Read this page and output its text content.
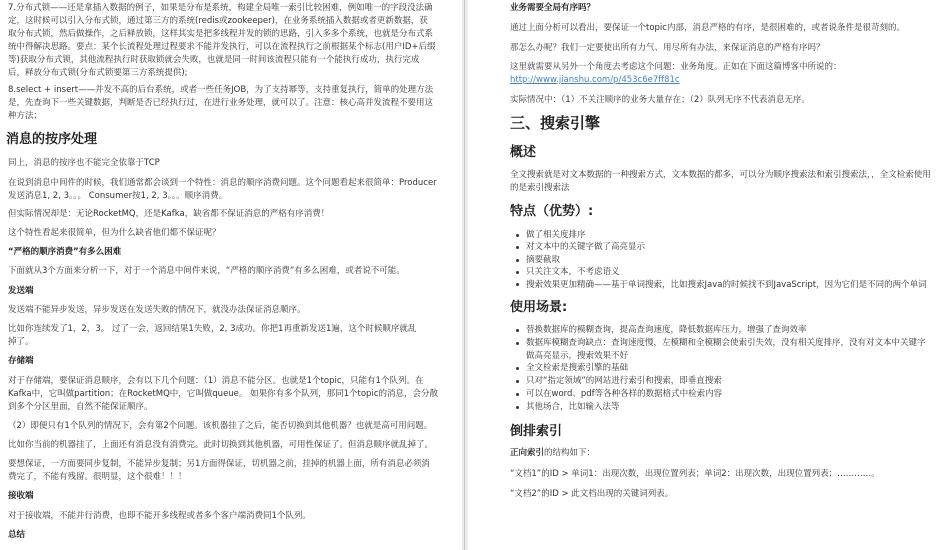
7.分布式锁——还是拿插入数据的例子，如果是分布是系统，构建全局唯一索引比较困难，例如唯一的字段没法确
定，这时候可以引入分布式锁，通过第三方的系统(redis或zookeeper)，在业务系统插入数据或者更新数据，获
取分布式锁，然后做操作，之后释放锁，这样其实是把多线程并发的锁的思路，引入多多个系统，也就是分布式系
统中得解决思路。要点：某个长流程处理过程要求不能并发执行，可以在流程执行之前根据某个标志(用户ID+后缀
等)获取分布式锁，其他流程执行时获取锁就会失败，也就是同一时间该流程只能有一个能执行成功，执行完成
后，释放分布式锁(分布式锁要第三方系统提供);
8.select + insert——并发不高的后台系统，或者一些任务JOB，为了支持幂等，支持重复执行，简单的处理方法
是，先查询下一些关键数据，判断是否已经执行过，在进行业务处理，就可以了。注意：核心高并发流程不要用这
种方法；
消息的按序处理
同上，消息的按序也不能完全依靠于TCP
在说到消息中间件的时候，我们通常都会谈到一个特性：消息的顺序消费问题。这个问题看起来很简单：Producer
发送消息1, 2, 3。。。 Consumer按1, 2, 3。。。顺序消费。
但实际情况却是：无论RocketMQ，还是Kafka，缺省都不保证消息的严格有序消费！
这个特性看起来很简单，但为什么缺省他们都不保证呢？
“严格的顺序消费”有多么困难
下面就从3个方面来分析一下，对于一个消息中间件来说，“严格的顺序消费”有多么困难，或者说不可能。
发送端
发送端不能异步发送，异步发送在发送失败的情况下，就没办法保证消息顺序。
比如你连续发了1，2，3。 过了一会，返回结果1失败，2, 3成功。你把1再重新发送1遍，这个时候顺序就乱
掉了。
存储端
对于存储端，要保证消息顺序，会有以下几个问题：（1）消息不能分区。也就是1个topic，只能有1个队列。在
Kafka中，它叫做partition；在RocketMQ中，它叫做queue。 如果你有多个队列，那同1个topic的消息，会分散
到多个分区里面，自然不能保证顺序。
（2）即便只有1个队列的情况下，会有第2个问题。该机器挂了之后，能否切换到其他机器？也就是高可用问题。
比如你当前的机器挂了，上面还有消息没有消费完。此时切换到其他机器，可用性保证了。但消息顺序就乱掉了。
要想保证，一方面要同步复制，不能异步复制；另1方面得保证，切机器之前，挂掉的机器上面，所有消息必须消
费完了，不能有残留。很明显，这个很难！！！
接收端
对于接收端，不能并行消费，也即不能开多线程或者多个客户端消费同1个队列。
总结
业务需要全局有序吗？
通过上面分析可以看出，要保证一个topic内部，消息严格的有序，是很困难的，或者说条件是很苛刻的。
那怎么办呢？我们一定要使出所有力气、用尽所有办法，来保证消息的严格有序吗？
这里就需要从另外一个角度去考虑这个问题：业务角度。正如在下面这篇博客中所说的：
http://www.jianshu.com/p/453c6e7ff81c
实际情况中：（1）不关注顺序的业务大量存在；（2）队列无序不代表消息无序。
三、搜索引擎
概述
全文搜索就是对文本数据的一种搜索方式，文本数据的都多，可以分为顺序搜索法和索引搜索法，，全文检索使用
的是索引搜索法
特点（优势）:
做了相关度排序
对文本中的关键字做了高亮显示
摘要截取
只关注文本，不考虑语义
搜索效果更加精确——基于单词搜索，比如搜索Java的时候找不到JavaScript，因为它们是不同的两个单词
使用场景:
替换数据库的模糊查询，提高查询速度，降低数据库压力，增强了查询效率
数据库模糊查询缺点：查询速度慢，左模糊和全模糊会使索引失效，没有相关度排序，没有对文本中关键字
做高亮显示，搜索效果不好
全文检索是搜索引擎的基础
只对“指定领域”的网站进行索引和搜索，即垂直搜索
可以在word、pdf等各种各样的数据格式中检索内容
其他场合，比如输入法等
倒排索引
正向索引的结构如下：
“文档1”的ID > 单词1：出现次数，出现位置列表；单词2：出现次数，出现位置列表；…………。
“文档2”的ID > 此文档出现的关键词列表。
